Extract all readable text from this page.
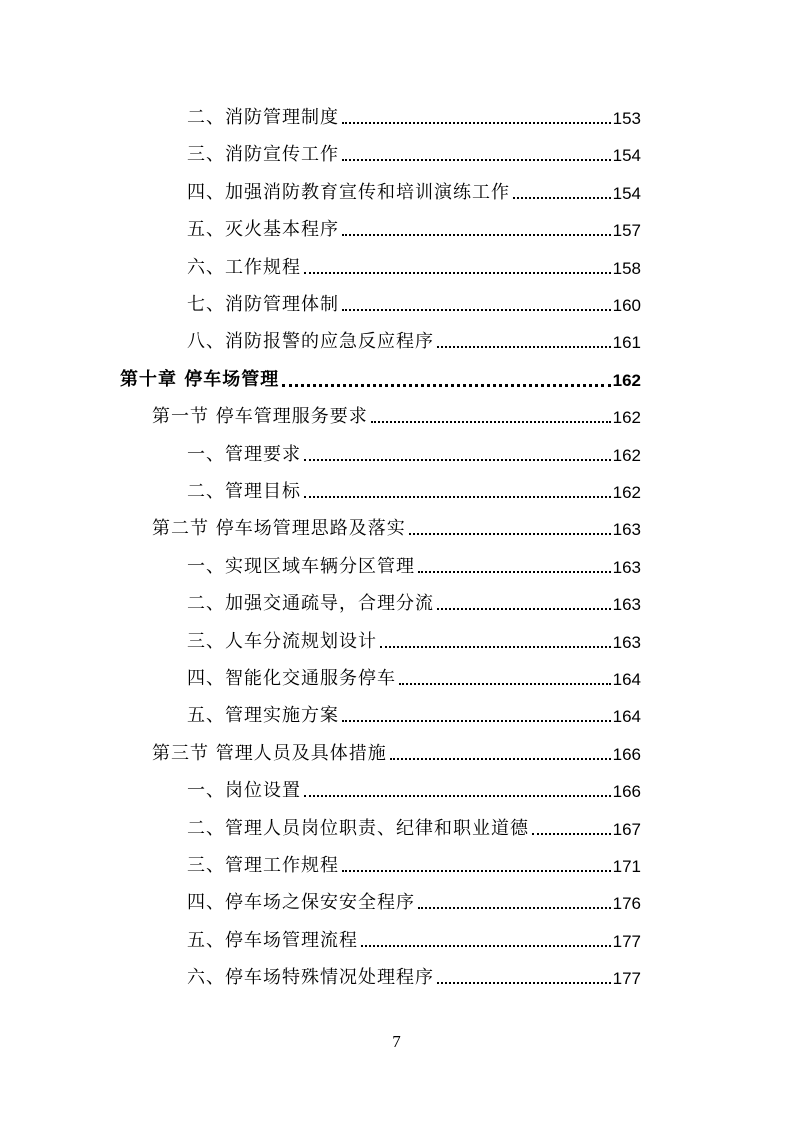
二、消防管理制度	153
三、消防宣传工作	154
四、加强消防教育宣传和培训演练工作	154
五、灭火基本程序	157
六、工作规程	158
七、消防管理体制	160
八、消防报警的应急反应程序	161
第十章 停车场管理	162
第一节 停车管理服务要求	162
一、管理要求	162
二、管理目标	162
第二节 停车场管理思路及落实	163
一、实现区域车辆分区管理	163
二、加强交通疏导，合理分流	163
三、人车分流规划设计	163
四、智能化交通服务停车	164
五、管理实施方案	164
第三节 管理人员及具体措施	166
一、岗位设置	166
二、管理人员岗位职责、纪律和职业道德	167
三、管理工作规程	171
四、停车场之保安安全程序	176
五、停车场管理流程	177
六、停车场特殊情况处理程序	177
7
